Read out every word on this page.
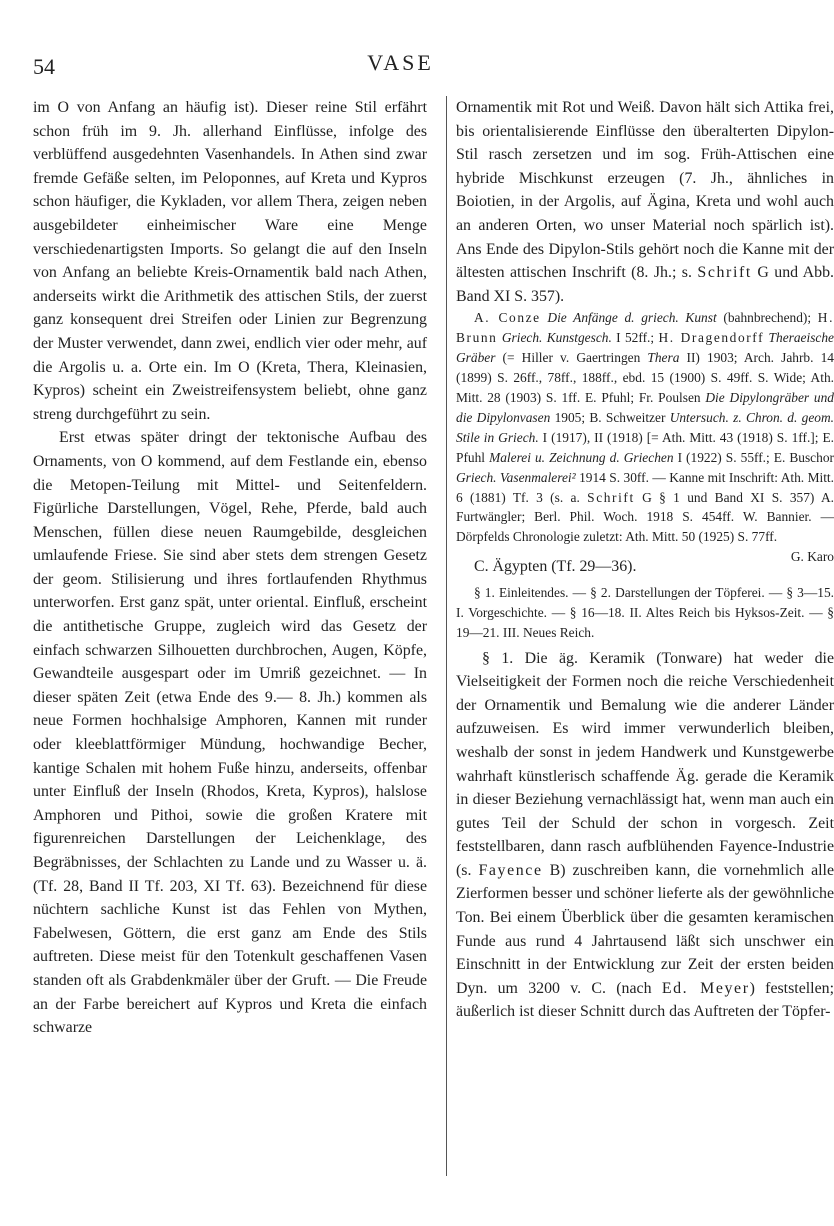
54	VASE

im O von Anfang an häufig ist). Dieser reine Stil erfährt schon früh im 9. Jh. allerhand Einflüsse, infolge des verblüffend ausgedehnten Vasenhandels. In Athen sind zwar fremde Gefäße selten, im Peloponnes, auf Kreta und Kypros schon häufiger, die Kykladen, vor allem Thera, zeigen neben ausgebildeter einheimischer Ware eine Menge verschiedenartigsten Imports. So gelangt die auf den Inseln von Anfang an beliebte Kreis-Ornamentik bald nach Athen, anderseits wirkt die Arithmetik des attischen Stils, der zuerst ganz konsequent drei Streifen oder Linien zur Begrenzung der Muster verwendet, dann zwei, endlich vier oder mehr, auf die Argolis u. a. Orte ein. Im O (Kreta, Thera, Kleinasien, Kypros) scheint ein Zweistreifensystem beliebt, ohne ganz streng durchgeführt zu sein.

Erst etwas später dringt der tektonische Aufbau des Ornaments, von O kommend, auf dem Festlande ein, ebenso die Metopen-Teilung mit Mittel- und Seitenfeldern. Figürliche Darstellungen, Vögel, Rehe, Pferde, bald auch Menschen, füllen diese neuen Raumgebilde, desgleichen umlaufende Friese. Sie sind aber stets dem strengen Gesetz der geom. Stilisierung und ihres fortlaufenden Rhythmus unterworfen. Erst ganz spät, unter oriental. Einfluß, erscheint die antithetische Gruppe, zugleich wird das Gesetz der einfach schwarzen Silhouetten durchbrochen, Augen, Köpfe, Gewandteile ausgespart oder im Umriß gezeichnet. — In dieser späten Zeit (etwa Ende des 9.— 8. Jh.) kommen als neue Formen hochhalsige Amphoren, Kannen mit runder oder kleeblattförmiger Mündung, hochwandige Becher, kantige Schalen mit hohem Fuße hinzu, anderseits, offenbar unter Einfluß der Inseln (Rhodos, Kreta, Kypros), halslose Amphoren und Pithoi, sowie die großen Kratere mit figurenreichen Darstellungen der Leichenklage, des Begräbnisses, der Schlachten zu Lande und zu Wasser u. ä. (Tf. 28, Band II Tf. 203, XI Tf. 63). Bezeichnend für diese nüchtern sachliche Kunst ist das Fehlen von Mythen, Fabelwesen, Göttern, die erst ganz am Ende des Stils auftreten. Diese meist für den Totenkult geschaffenen Vasen standen oft als Grabdenkmäler über der Gruft. — Die Freude an der Farbe bereichert auf Kypros und Kreta die einfach schwarze

Ornamentik mit Rot und Weiß. Davon hält sich Attika frei, bis orientalisierende Einflüsse den überalterten Dipylon-Stil rasch zersetzen und im sog. Früh-Attischen eine hybride Mischkunst erzeugen (7. Jh., ähnliches in Boiotien, in der Argolis, auf Ägina, Kreta und wohl auch an anderen Orten, wo unser Material noch spärlich ist). Ans Ende des Dipylon-Stils gehört noch die Kanne mit der ältesten attischen Inschrift (8. Jh.; s. Schrift G und Abb. Band XI S. 357).

A. Conze Die Anfänge d. griech. Kunst (bahnbrechend); H. Brunn Griech. Kunstgesch. I 52ff.; H. Dragendorff Theraeische Gräber (= Hiller v. Gaertringen Thera II) 1903; Arch. Jahrb. 14 (1899) S. 26ff., 78ff., 188ff., ebd. 15 (1900) S. 49ff. S. Wide; Ath. Mitt. 28 (1903) S. 1ff. E. Pfuhl; Fr. Poulsen Die Dipylongräber und die Dipylonvasen 1905; B. Schweitzer Untersuch. z. Chron. d. geom. Stile in Griech. I (1917), II (1918) [= Ath. Mitt. 43 (1918) S. 1ff.]; E. Pfuhl Malerei u. Zeichnung d. Griechen I (1922) S. 55ff.; E. Buschor Griech. Vasenmalerei² 1914 S. 30ff. — Kanne mit Inschrift: Ath. Mitt. 6 (1881) Tf. 3 (s. a. Schrift G § 1 und Band XI S. 357) A. Furtwängler; Berl. Phil. Woch. 1918 S. 454ff. W. Bannier. — Dörpfelds Chronologie zuletzt: Ath. Mitt. 50 (1925) S. 77ff.
G. Karo

C. Ägypten (Tf. 29—36).

§ 1. Einleitendes. — § 2. Darstellungen der Töpferei. — § 3—15. I. Vorgeschichte. — § 16—18. II. Altes Reich bis Hyksos-Zeit. — § 19—21. III. Neues Reich.

§ 1. Die äg. Keramik (Tonware) hat weder die Vielseitigkeit der Formen noch die reiche Verschiedenheit der Ornamentik und Bemalung wie die anderer Länder aufzuweisen. Es wird immer verwunderlich bleiben, weshalb der sonst in jedem Handwerk und Kunstgewerbe wahrhaft künstlerisch schaffende Äg. gerade die Keramik in dieser Beziehung vernachlässigt hat, wenn man auch ein gutes Teil der Schuld der schon in vorgesch. Zeit feststellbaren, dann rasch aufblühenden Fayence-Industrie (s. Fayence B) zuschreiben kann, die vornehmlich alle Zierformen besser und schöner lieferte als der gewöhnliche Ton. Bei einem Überblick über die gesamten keramischen Funde aus rund 4 Jahrtausend läßt sich unschwer ein Einschnitt in der Entwicklung zur Zeit der ersten beiden Dyn. um 3200 v. C. (nach Ed. Meyer) feststellen; äußerlich ist dieser Schnitt durch das Auftreten der Töpfer-
